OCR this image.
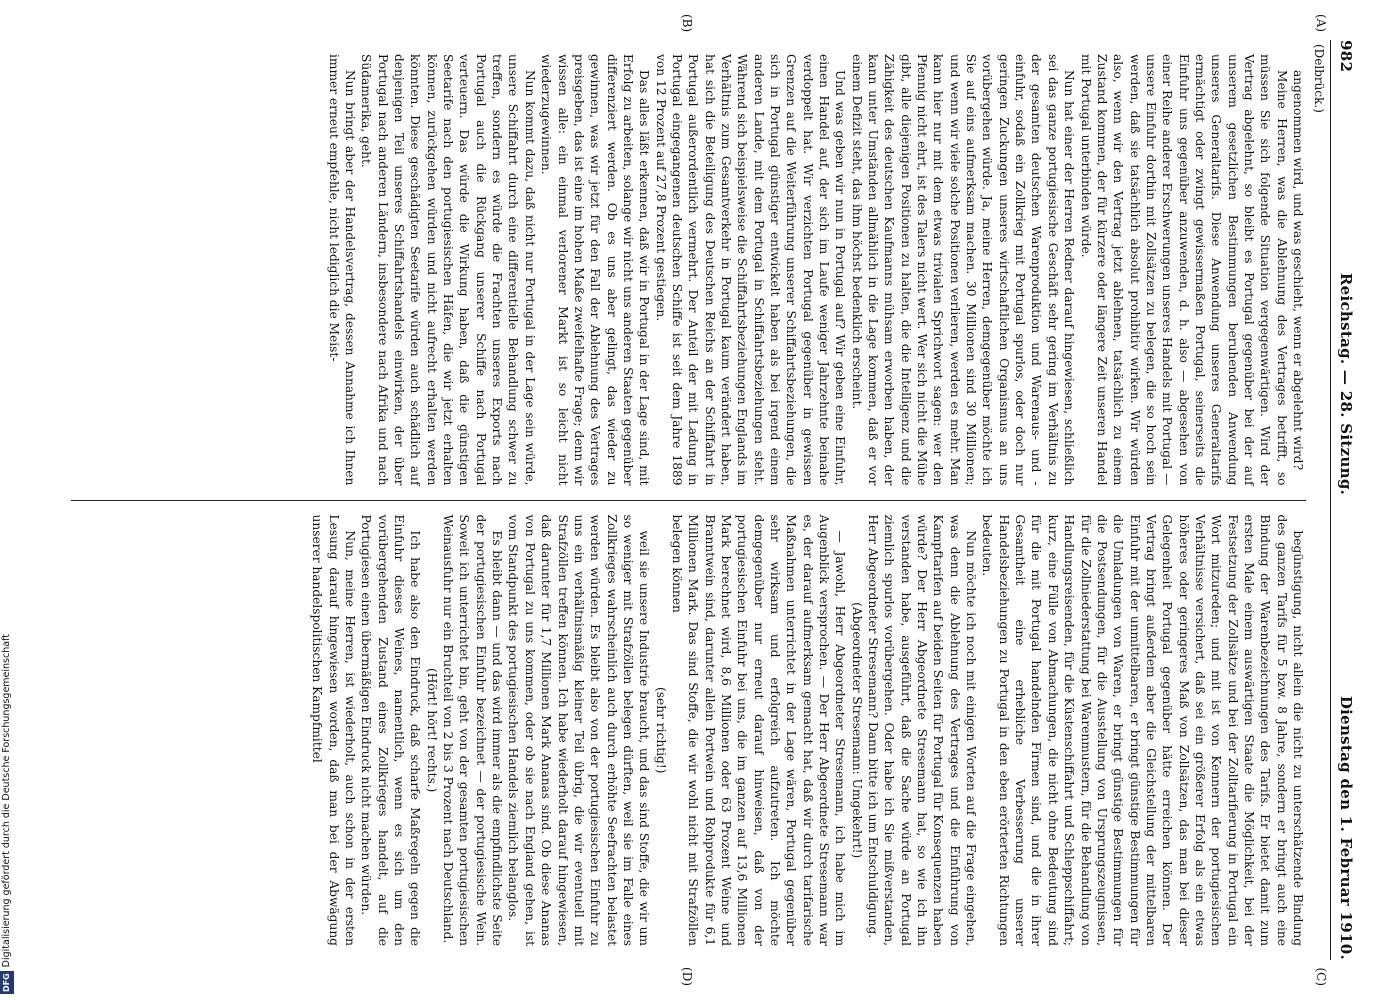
DFGDigitalisierung gefördert durch die Deutsche Forschungsgemeinschaft
982
Reichstag. — 28. Sitzung.
Dienstag den 1. Februar 1910.
(Delbrück.)
(A)
(B)
(C)
(D)

angenommen wird, und was geschieht, wenn er abgelehnt wird?

Meine Herren, was die Ablehnung des Vertrages betrifft, so müssen Sie sich folgende Situation vergegenwärtigen. Wird der Vertrag abgelehnt, so bleibt es Portugal gegenüber bei der auf unserem gesetzlichen Bestimmungen beruhenden Anwendung unseres Generaltarifs. Diese Anwendung unseres Generaltarifs ermächtigt oder zwingt gewissermaßen Portugal, seinerseits die Einfuhr uns gegenüber anzuwenden, d. h. also — abgesehen von einer Reihe anderer Erschwerungen unseres Handels mit Portugal — unsere Einfuhr dorthin mit Zollsätzen zu belegen, die so hoch sein werden, daß sie tatsächlich absolut prohibitiv wirken. Wir würden also, wenn wir den Vertrag jetzt ablehnen, tatsächlich zu einem Zustand kommen, der für kürzere oder längere Zeit unseren Handel mit Portugal unterbinden würde.

Nun hat einer der Herren Redner darauf hingewiesen, schließlich sei das ganze portugiesische Geschäft sehr gering im Verhältnis zu der gesamten deutschen Warenproduktion und Warenaus- und -einfuhr, sodaß ein Zollkrieg mit Portugal spurlos, oder doch nur geringen Zuckungen unseres wirtschaftlichen Organismus an uns vorübergehen würde. Ja, meine Herren, demgegenüber möchte ich Sie auf eins aufmerksam machen. 30 Millionen sind 30 Millionen; und wenn wir viele solche Positionen verlieren, werden es mehr. Man kann hier nur mit dem etwas trivialen Sprichwort sagen: wer den Pfennig nicht ehrt, ist des Talers nicht wert. Wer sich nicht die Mühe gibt, alle diejenigen Positionen zu halten, die die Intelligenz und die Zähigkeit des deutschen Kaufmanns mühsam erworben haben, der kann unter Umständen allmählich in die Lage kommen, daß er vor einem Defizit steht, das ihm höchst bedenklich erscheint.

Und was geben wir nun in Portugal auf? Wir geben eine Einfuhr, einen Handel auf, der sich im Laufe weniger Jahrzehnte beinahe verdoppelt hat. Wir verzichten Portugal gegenüber in gewissen Grenzen auf die Weiterführung unserer Schiffahrtsbeziehungen, die sich in Portugal günstiger entwickelt haben als bei irgend einem anderen Lande, mit dem Portugal in Schiffahrtsbeziehungen steht. Während sich beispielsweise die Schiffahrtsbeziehungen Englands im Verhältnis zum Gesamtverkehr in Portugal kaum verändert haben, hat sich die Beteiligung des Deutschen Reichs an der Schiffahrt in Portugal außerordentlich vermehrt. Der Anteil der mit Ladung in Portugal eingegangenen deutschen Schiffe ist seit dem Jahre 1889 von 12 Prozent auf 27,8 Prozent gestiegen.

Das alles läßt erkennen, daß wir in Portugal in der Lage sind, mit Erfolg zu arbeiten, solange wir nicht uns anderen Staaten gegenüber differenziert werden. Ob es uns aber gelingt, das wieder zu gewinnen, was wir jetzt für den Fall der Ablehnung des Vertrages preisgeben, das ist eine im hohen Maße zweifelhafte Frage; denn wir wissen alle: ein einmal verlorener Markt ist so leicht nicht wiederzugewinnen.

Nun kommt dazu, daß nicht nur Portugal in der Lage sein würde, unsere Schiffahrt durch eine differentielle Behandlung schwer zu treffen, sondern es würde die Frachten unseres Exports nach Portugal auch die Rückgang unserer Schiffe nach Portugal verteuern. Das würde die Wirkung haben, daß die günstigen Seetarife nach den portugiesischen Häfen, die wir jetzt erhalten können, zurückgehen würden und nicht aufrecht erhalten werden könnten. Diese geschädigten Seetarife würden auch schädlich auf denjenigen Teil unseres Schiffahrtshandels einwirken, der über Portugal nach anderen Ländern, insbesondere nach Afrika und nach Südamerika, geht.

Nun bringt aber der Handelsvertrag, dessen Annahme ich Ihnen immer erneut empfehle, nicht lediglich die Meist-

begünstigung, nicht allein die nicht zu unterschätzende Bindung des ganzen Tarifs für 5 bzw. 8 Jahre, sondern er bringt auch eine Bindung der Warenbezeichnungen des Tarifs. Er bietet damit zum ersten Male einem auswärtigen Staate die Möglichkeit, bei der Festsetzung der Zollsätze und bei der Zolltarifierung in Portugal ein Wort mitzureden; und mit ist von Kennern der portugiesischen Verhältnisse versichert, daß sei ein größerer Erfolg als ein etwas höheres oder geringeres Maß von Zollsätzen, das man bei dieser Gelegenheit Portugal gegenüber hätte erreichen können. Der Vertrag bringt außerdem aber die Gleichstellung der mittelbaren Einfuhr mit der unmittelbaren, er bringt günstige Bestimmungen für die Umladungen von Waren, er bringt günstige Bestimmungen für die Postsendungen, für die Ausstellung von Ursprungszeugnissen, für die Zollniederstattung bei Warenmustern, für die Behandlung von Handlungsreisenden, für die Küstenschiffahrt und Schleppschiffahrt; kurz, eine Fülle von Abmachungen, die nicht ohne Bedeutung sind für die mit Portugal handelnden Firmen sind, und die in ihrer Gesamtheit eine erhebliche Verbesserung unserer Handelsbeziehungen zu Portugal in den eben erörterten Richtungen bedeuten.

Nun möchte ich noch mit einigen Worten auf die Frage eingehen, was denn die Ablehnung des Vertrages und die Einführung von Kampftarifen auf beiden Seiten für Portugal für Konsequenzen haben würde? Der Herr Abgeordnete Stresemann hat, so wie ich ihn verstanden habe, ausgeführt, daß die Sache würde an Portugal ziemlich spurlos vorübergehen. Oder habe ich Sie mißverstanden, Herr Abgeordneter Stresemann? Dann bitte ich um Entschuldigung.

(Abgeordneter Stresemann: Umgekehrt!)

— Jawohl, Herr Abgeordneter Stresemann, ich habe mich im Augenblick versprochen. — Der Herr Abgeordnete Stresemann war es, der darauf aufmerksam gemacht hat, daß wir durch tarifarische Maßnahmen unterrichtet in der Lage wären, Portugal gegenüber sehr wirksam und erfolgreich aufzutreten. Ich möchte demgegenüber nur erneut darauf hinweisen, daß von der portugiesischen Einfuhr bei uns, die im ganzen auf 13,6 Millionen Mark berechnet wird, 8,6 Millionen oder 63 Prozent Weine und Branntwein sind, darunter allein Portwein und Rohprodukte für 6,1 Millionen Mark. Das sind Stoffe, die wir wohl nicht mit Strafzöllen belegen können

(sehr richtig!)

weil sie unsere Industrie braucht, und das sind Stoffe, die wir um so weniger mit Strafzöllen belegen dürften, weil sie im Falle eines Zollkrieges wahrscheinlich auch durch erhöhte Seefrachten belastet werden würden. Es bleibt also von der portugiesischen Einfuhr zu uns ein verhältnismäßig kleiner Teil übrig, die wir eventuell mit Strafzöllen treffen können. Ich habe wiederholt darauf hingewiesen, daß darunter für 1,7 Millionen Mark Ananas sind. Ob diese Ananas von Portugal zu uns kommen, oder ob sie nach England gehen, ist vom Standpunkt des portugiesischen Handels ziemlich belanglos.

Es bleibt dann — und das wird immer als die empfindlichste Seite der portugiesischen Einfuhr bezeichnet — der portugiesische Wein. Soweit ich unterrichtet bin, geht von der gesamten portugiesischen Weinausfuhr nur ein Bruchteil von 2 bis 3 Prozent nach Deutschland.

(Hört! hört! rechts.)

Ich habe also den Eindruck, daß scharfe Maßregeln gegen die Einfuhr dieses Weines, namentlich, wenn es sich um den vorübergehenden Zustand eines Zollkrieges handelt, auf die Portugiesen einen übermäßigen Eindruck nicht machen würden.

Nun, meine Herren, ist wiederholt, auch schon in der ersten Lesung darauf hingewiesen worden, daß man bei der Abwägung unserer handelspolitischen Kampfmittel
